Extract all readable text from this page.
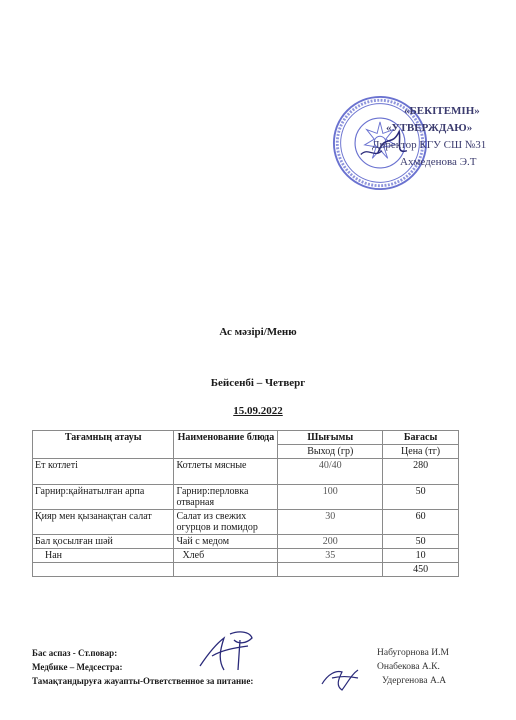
«БЕКІТЕМІН»
«УТВЕРЖДАЮ»
Директор КГУ СШ №31
Ахмеденова Э.Т
Ас мәзірі/Меню
Бейсенбі – Четверг
15.09.2022
Тағамның атауы	Наименование блюда	Шығымы	Бағасы
		Выход (гр)	Цена (тг)
Ет котлеті	Котлеты мясные	40/40	280
Гарнир:қайнатылған арпа	Гарнир:перловка отварная	100	50
Қияр мен қызанақтан салат	Салат из свежих огурцов и помидор	30	60
Бал қосылған шәй	Чай с медом	200	50
Нан	Хлеб	35	10
			450
Бас аспаз - Ст.повар:
Медбике – Медсестра:
Тамақтандыруға жауапты-Ответственное за питание:
Набугорнова И.М
Онабекова А.К.
Удергенова А.А
